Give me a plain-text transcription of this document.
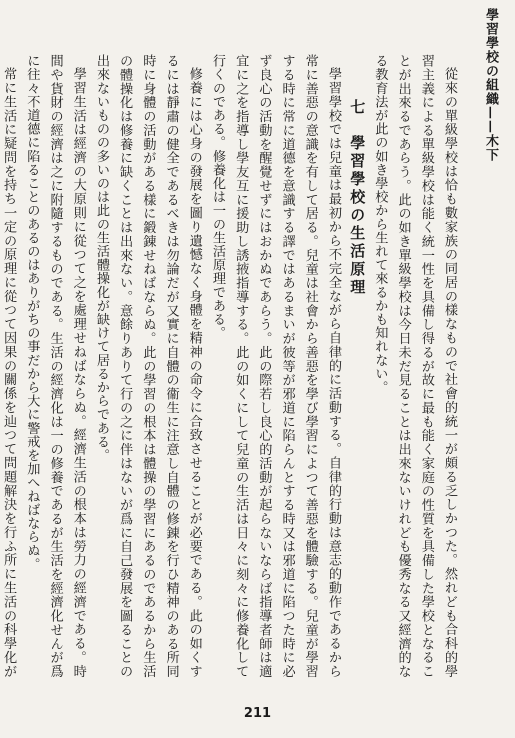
學習學校の組織——木下

從來の單級學校は恰も數家族の同居の樣なもので社會的統一が頗る乏しかつた。然れども合科的學習主義による單級學校は能く統一性を具備し得るが故に最も能く家庭の性質を具備した學校となることが出來るであらう。此の如き單級學校は今日未だ見ることは出來ないけれども優秀なる又經濟的なる教育法が此の如き學校から生れて來るかも知れない。

七　學習學校の生活原理

學習學校では兒童は最初から不完全ながら自律的に活動する。自律的行動は意志的動作であるから常に善惡の意識を有して居る。兒童は社會から善惡を學び學習によつて善惡を體驗する。兒童が學習する時に常に道德を意識する譯ではあるまいが彼等が邪道に陷らんとする時又は邪道に陷つた時に必ず良心の活動を醒覺せずにはおかぬであらう。此の際若し良心的活動が起らないならば指導者師は適宜に之を指導し學友互に援助し誘掖指導する。此の如くにして兒童の生活は日々に刻々に修養化して行くのである。修養化は一の生活原理である。

修養には心身の發展を圖り遺憾なく身體を精神の命令に合致させることが必要である。此の如くするには靜肅の健全であるべきは勿論だが又實に自體の衞生に注意し自體の修錬を行ひ精神のある所同時に身體の活動がある樣に鍛錬せねばならぬ。此の學習の根本は體操の學習にあるのであるから生活の體操化は修養に缺くことは出來ない。意餘りありて行の之に伴はないが爲に自己發展を圖ることの出來ないものの多いのは此の生活體操化が缺けて居るからである。

學習生活は經濟の大原則に從つて之を處理せねばならぬ。經濟生活の根本は勞力の經濟である。時間や貨財の經濟は之に附隨するものである。生活の經濟化は一の修養であるが生活を經濟化せんが爲に往々不道德に陷ることのあるのはありがちの事だから大に警戒を加へねばならぬ。

常に生活に疑問を持ち一定の原理に從つて因果の關係を辿つて問題解決を行ふ所に生活の科學化が

211
